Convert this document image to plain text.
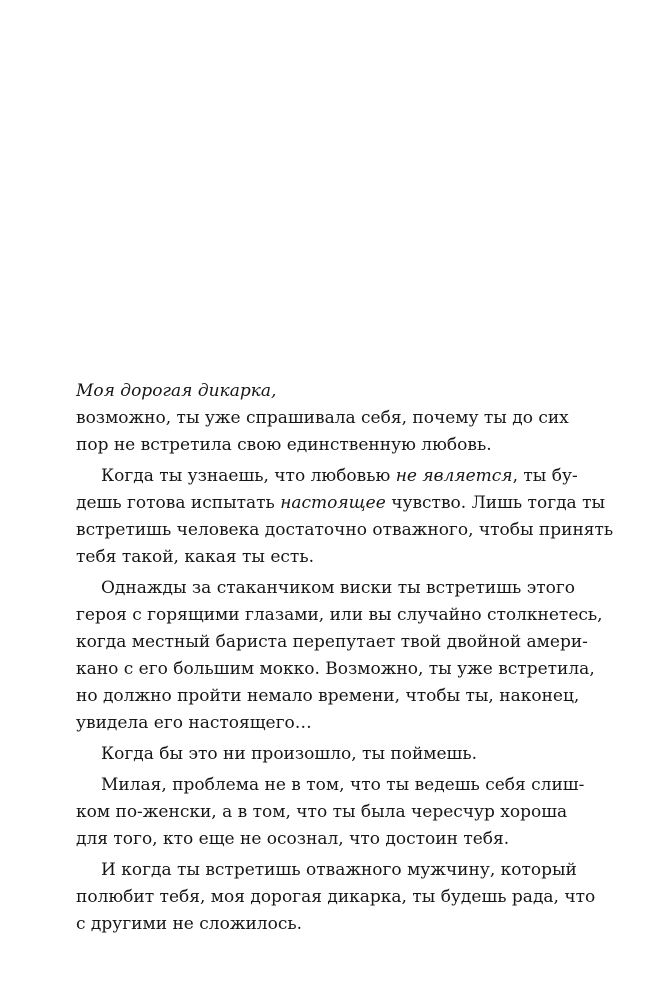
Моя дорогая дикарка,
возможно, ты уже спрашивала себя, почему ты до сих
пор не встретила свою единственную любовь.
Когда ты узнаешь, что любовью не является, ты бу-
дешь готова испытать настоящее чувство. Лишь тогда ты
встретишь человека достаточно отважного, чтобы принять
тебя такой, какая ты есть.
Однажды за стаканчиком виски ты встретишь этого
героя с горящими глазами, или вы случайно столкнетесь,
когда местный бариста перепутает твой двойной амери-
кано с его большим мокко. Возможно, ты уже встретила,
но должно пройти немало времени, чтобы ты, наконец,
увидела его настоящего…
Когда бы это ни произошло, ты поймешь.
Милая, проблема не в том, что ты ведешь себя слиш-
ком по-женски, а в том, что ты была чересчур хороша
для того, кто еще не осознал, что достоин тебя.
И когда ты встретишь отважного мужчину, который
полюбит тебя, моя дорогая дикарка, ты будешь рада, что
с другими не сложилось.
